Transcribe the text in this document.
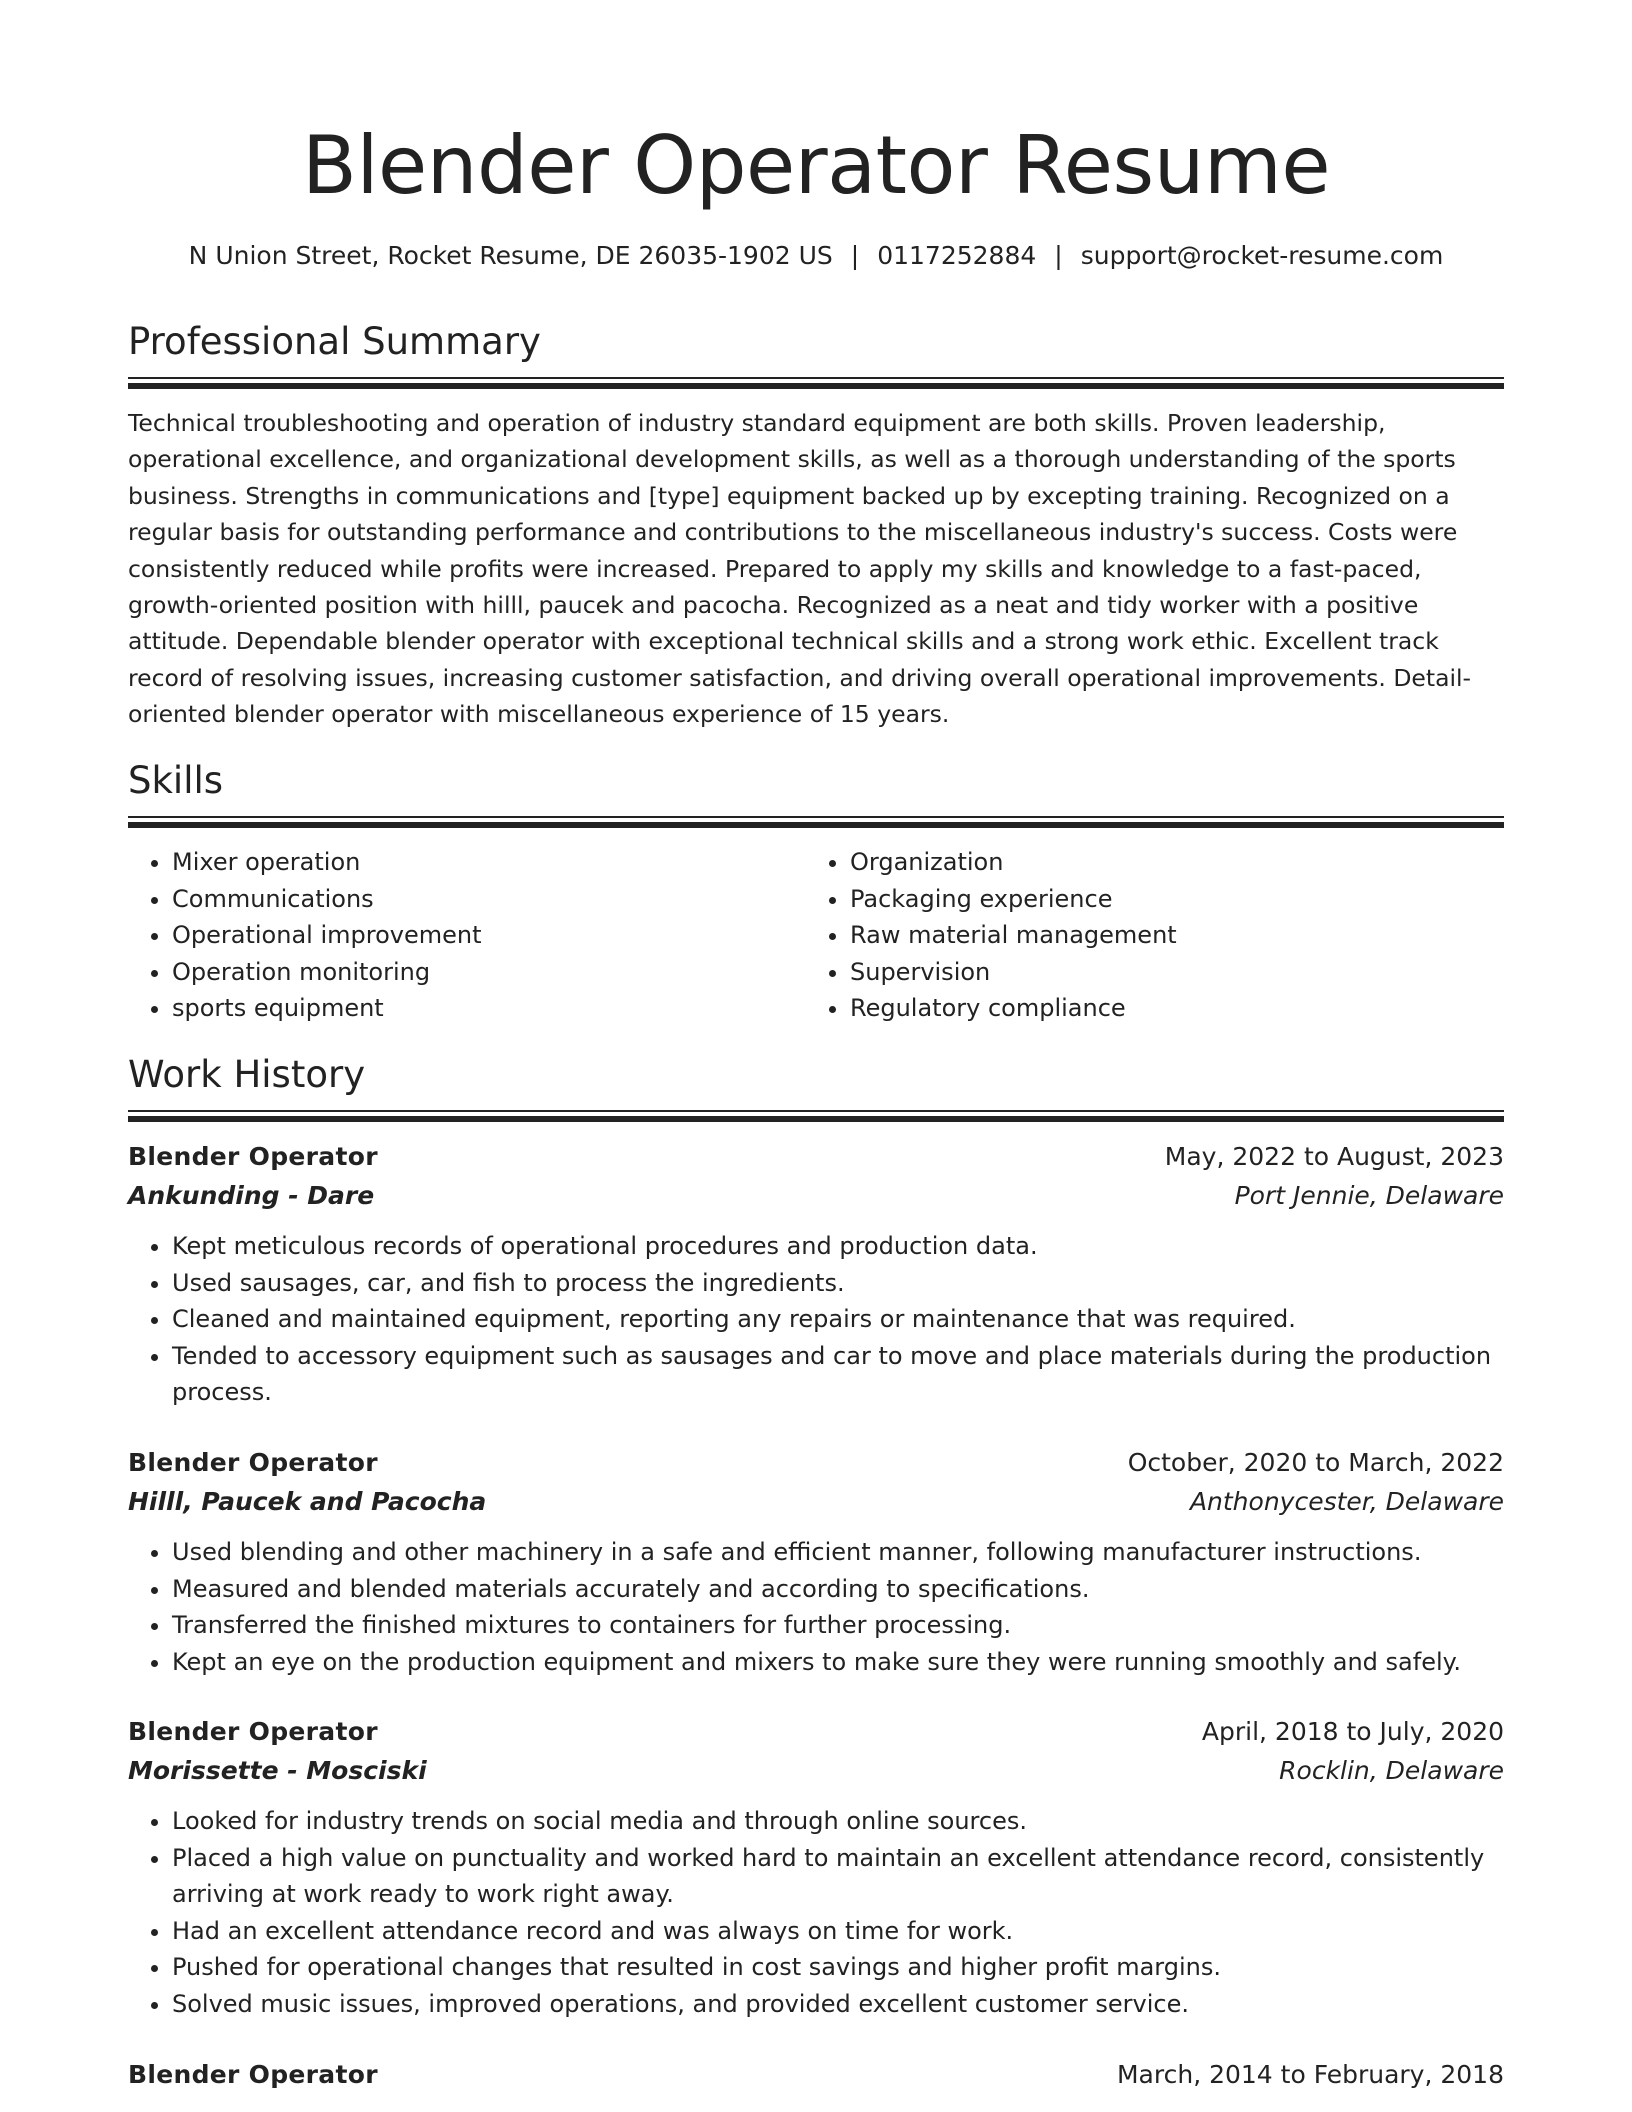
Blender Operator Resume
N Union Street, Rocket Resume, DE 26035-1902 US | 0117252884 | support@rocket-resume.com
Professional Summary

Technical troubleshooting and operation of industry standard equipment are both skills. Proven leadership, operational excellence, and organizational development skills, as well as a thorough understanding of the sports business. Strengths in communications and [type] equipment backed up by excepting training. Recognized on a regular basis for outstanding performance and contributions to the miscellaneous industry's success. Costs were consistently reduced while profits were increased. Prepared to apply my skills and knowledge to a fast-paced, growth-oriented position with hilll, paucek and pacocha. Recognized as a neat and tidy worker with a positive attitude. Dependable blender operator with exceptional technical skills and a strong work ethic. Excellent track record of resolving issues, increasing customer satisfaction, and driving overall operational improvements. Detail-oriented blender operator with miscellaneous experience of 15 years.

Skills
• Mixer operation
• Communications
• Operational improvement
• Operation monitoring
• sports equipment
• Organization
• Packaging experience
• Raw material management
• Supervision
• Regulatory compliance
Work History
Blender Operator	May, 2022 to August, 2023
Ankunding - Dare	Port Jennie, Delaware
• Kept meticulous records of operational procedures and production data.
• Used sausages, car, and fish to process the ingredients.
• Cleaned and maintained equipment, reporting any repairs or maintenance that was required.
• Tended to accessory equipment such as sausages and car to move and place materials during the production process.
Blender Operator	October, 2020 to March, 2022
Hilll, Paucek and Pacocha	Anthonycester, Delaware
• Used blending and other machinery in a safe and efficient manner, following manufacturer instructions.
• Measured and blended materials accurately and according to specifications.
• Transferred the finished mixtures to containers for further processing.
• Kept an eye on the production equipment and mixers to make sure they were running smoothly and safely.
Blender Operator	April, 2018 to July, 2020
Morissette - Mosciski	Rocklin, Delaware
• Looked for industry trends on social media and through online sources.
• Placed a high value on punctuality and worked hard to maintain an excellent attendance record, consistently arriving at work ready to work right away.
• Had an excellent attendance record and was always on time for work.
• Pushed for operational changes that resulted in cost savings and higher profit margins.
• Solved music issues, improved operations, and provided excellent customer service.
Blender Operator	March, 2014 to February, 2018
